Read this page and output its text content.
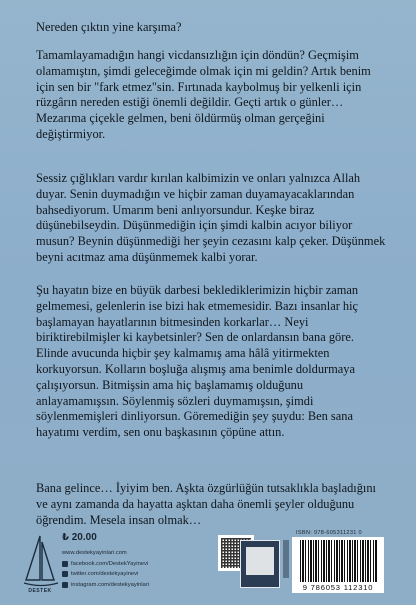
Nereden çıktın yine karşıma?

Tamamlayamadığın hangi vicdansızlığın için döndün? Geçmişim olamamıştın, şimdi geleceğimde olmak için mi geldin? Artık benim için sen bir "fark etmez"sin. Fırtınada kaybolmuş bir yelkenli için rüzgârın nereden estiği önemli değildir. Geçti artık o günler… Mezarıma çiçekle gelmen, beni öldürmüş olman gerçeğini değiştirmiyor.

Sessiz çığlıkları vardır kırılan kalbimizin ve onları yalnızca Allah duyar. Senin duymadığın ve hiçbir zaman duyamayacaklarından bahsediyorum. Umarım beni anlıyorsundur. Keşke biraz düşünebilseydin. Düşünmediğin için şimdi kalbin acıyor biliyor musun? Beynin düşünmediği her şeyin cezasını kalp çeker. Düşünmek beyni acıtmaz ama düşünmemek kalbi yorar.

Şu hayatın bize en büyük darbesi beklediklerimizin hiçbir zaman gelmemesi, gelenlerin ise bizi hak etmemesidir. Bazı insanlar hiç başlamayan hayatlarının bitmesinden korkarlar… Neyi biriktirebilmişler ki kaybetsinler? Sen de onlardansın bana göre. Elinde avucunda hiçbir şey kalmamış ama hâlâ yitirmekten korkuyorsun. Kolların boşluğa alışmış ama benimle doldurmaya çalışıyorsun. Bitmişsin ama hiç başlamamış olduğunu anlayamamışsın. Söylenmiş sözleri duymamışsın, şimdi söylenmemişleri dinliyorsun. Göremediğin şey şuydu: Ben sana hayatımı verdim, sen onu başkasının çöpüne attın.

Bana gelince… İyiyim ben. Aşkta özgürlüğün tutsaklıkla başladığını ve aynı zamanda da hayatta aşktan daha önemli şeyler olduğunu öğrendim. Mesela insan olmak…

DESTEK
₺ 20.00
www.destekyayinlari.com
facebook.com/DestekYayinevi
twitter.com/destekyayinevi
instagram.com/destekyayinlari
ISBN: 978-605311231 0
9 786053 112310
